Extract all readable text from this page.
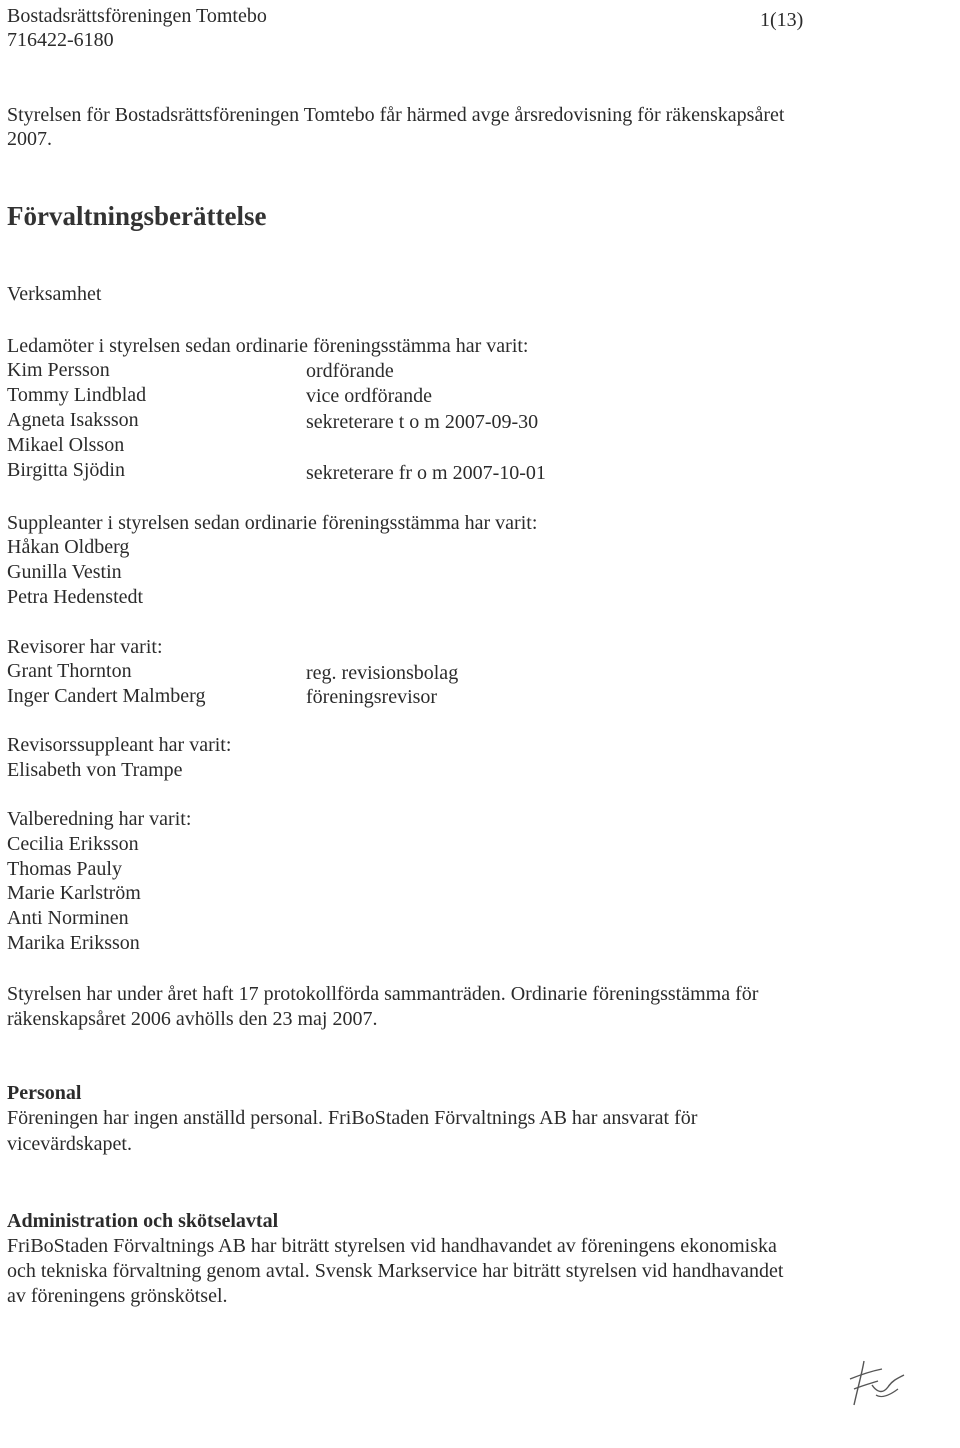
Bostadsrättsföreningen Tomtebo
716422-6180
1(13)
Styrelsen för Bostadsrättsföreningen Tomtebo får härmed avge årsredovisning för räkenskapsåret
2007.
Förvaltningsberättelse
Verksamhet
Ledamöter i styrelsen sedan ordinarie föreningsstämma har varit:
Kim Persson	ordförande
Tommy Lindblad	vice ordförande
Agneta Isaksson	sekreterare t o m 2007-09-30
Mikael Olsson
Birgitta Sjödin	sekreterare fr o m 2007-10-01
Suppleanter i styrelsen sedan ordinarie föreningsstämma har varit:
Håkan Oldberg
Gunilla Vestin
Petra Hedenstedt
Revisorer har varit:
Grant Thornton	reg. revisionsbolag
Inger Candert Malmberg	föreningsrevisor
Revisorssuppleant har varit:
Elisabeth von Trampe
Valberedning har varit:
Cecilia Eriksson
Thomas Pauly
Marie Karlström
Anti Norminen
Marika Eriksson
Styrelsen har under året haft 17 protokollförda sammanträden. Ordinarie föreningsstämma för
räkenskapsåret 2006 avhölls den 23 maj 2007.
Personal
Föreningen har ingen anställd personal. FriBoStaden Förvaltnings AB har ansvarat för
vicevärdskapet.
Administration och skötselavtal
FriBoStaden Förvaltnings AB har biträtt styrelsen vid handhavandet av föreningens ekonomiska
och tekniska förvaltning genom avtal. Svensk Markservice har biträtt styrelsen vid handhavandet
av föreningens grönskötsel.
